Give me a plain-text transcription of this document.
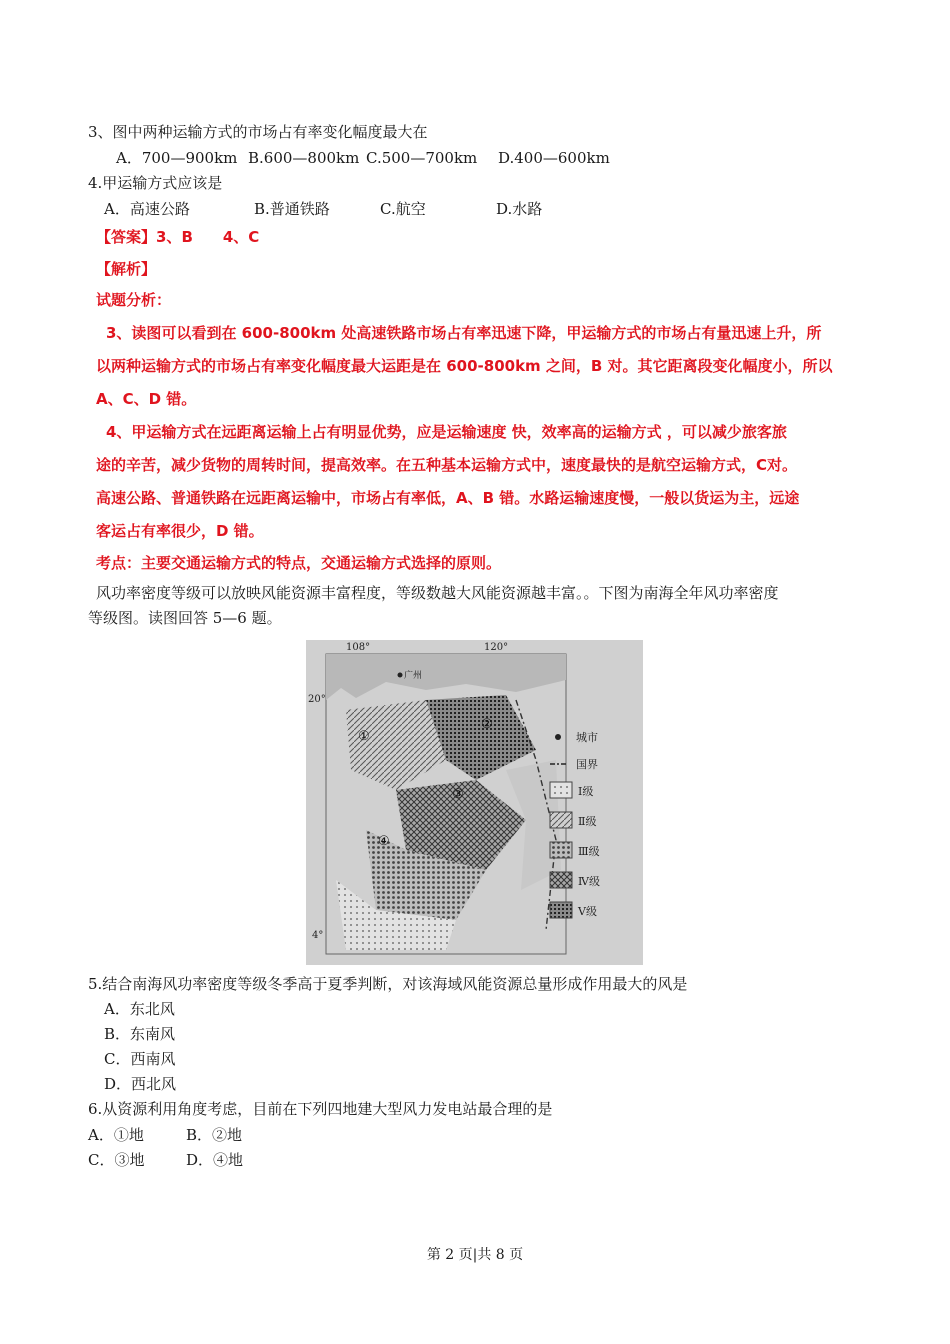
3、图中两种运输方式的市场占有率变化幅度最大在
A．700—900km B.600—800km C.500—700km D.400—600km
4.甲运输方式应该是
A．高速公路	B.普通铁路	C.航空	D.水路
【答案】3、B　　4、C
【解析】
试题分析：
3、读图可以看到在 600-800km 处高速铁路市场占有率迅速下降，甲运输方式的市场占有量迅速上升，所
以两种运输方式的市场占有率变化幅度最大运距是在 600-800km 之间，B 对。其它距离段变化幅度小，所以
A、C、D 错。
4、甲运输方式在远距离运输上占有明显优势，应是运输速度 快，效率高的运输方式 ，可以减少旅客旅
途的辛苦，减少货物的周转时间，提高效率。在五种基本运输方式中，速度最快的是航空运输方式，C对。
高速公路、普通铁路在远距离运输中，市场占有率低，A、B 错。水路运输速度慢，一般以货运为主，远途
客运占有率很少，D 错。
考点：主要交通运输方式的特点，交通运输方式选择的原则。
风功率密度等级可以放映风能资源丰富程度，等级数越大风能资源越丰富。。下图为南海全年风功率密度
等级图。读图回答 5—6 题。
108°	120°
20°
4°
广州
①
②
③
④
城市
国界
Ⅰ级
Ⅱ级
Ⅲ级
Ⅳ级
Ⅴ级
5.结合南海风功率密度等级冬季高于夏季判断，对该海域风能资源总量形成作用最大的风是
A．东北风
B．东南风
C．西南风
D．西北风
6.从资源利用角度考虑，目前在下列四地建大型风力发电站最合理的是
A．①地	B．②地
C．③地	D．④地
第 2 页|共 8 页
